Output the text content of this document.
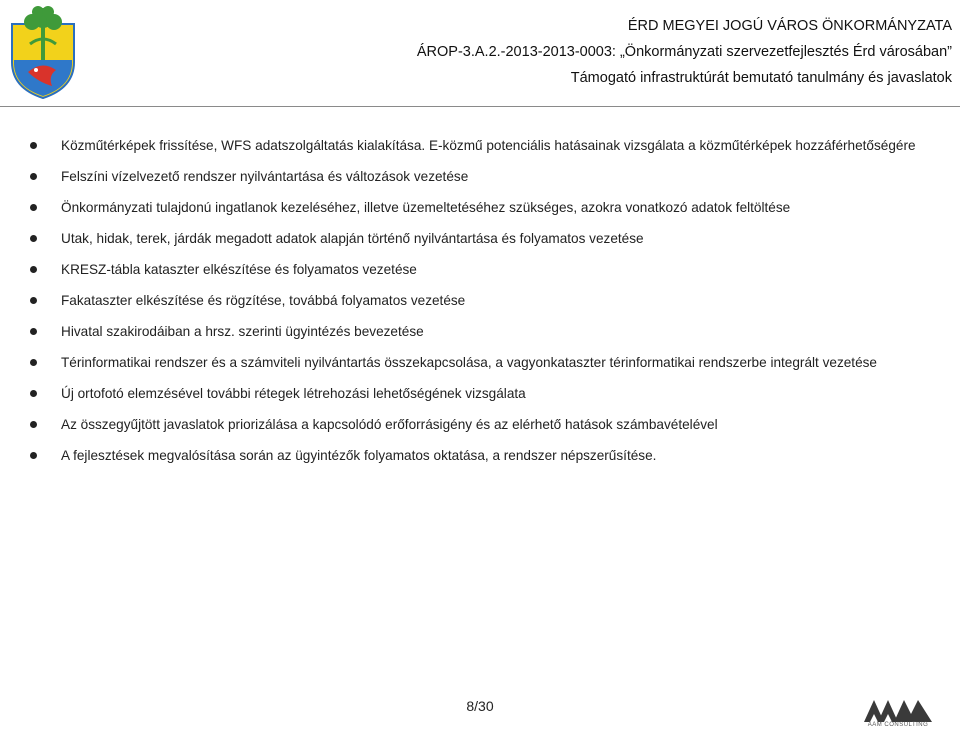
ÉRD MEGYEI JOGÚ VÁROS ÖNKORMÁNYZATA
ÁROP-3.A.2.-2013-2013-0003: „Önkormányzati szervezetfejlesztés Érd városában”
Támogató infrastruktúrát bemutató tanulmány és javaslatok
Közműtérképek frissítése, WFS adatszolgáltatás kialakítása. E-közmű potenciális hatásainak vizsgálata a közműtérképek hozzáférhetőségére
Felszíni vízelvezető rendszer nyilvántartása és változások vezetése
Önkormányzati tulajdonú ingatlanok kezeléséhez, illetve üzemeltetéséhez szükséges, azokra vonatkozó adatok feltöltése
Utak, hidak, terek, járdák megadott adatok alapján történő nyilvántartása és folyamatos vezetése
KRESZ-tábla kataszter elkészítése és folyamatos vezetése
Fakataszter elkészítése és rögzítése, továbbá folyamatos vezetése
Hivatal szakirodáiban a hrsz. szerinti ügyintézés bevezetése
Térinformatikai rendszer és a számviteli nyilvántartás összekapcsolása, a vagyonkataszter térinformatikai rendszerbe integrált vezetése
Új ortofotó elemzésével további rétegek létrehozási lehetőségének vizsgálata
Az összegyűjtött javaslatok priorizálása a kapcsolódó erőforrásigény és az elérhető hatások számbavételével
A fejlesztések megvalósítása során az ügyintézők folyamatos oktatása, a rendszer népszerűsítése.
8/30
AAM CONSULTING
